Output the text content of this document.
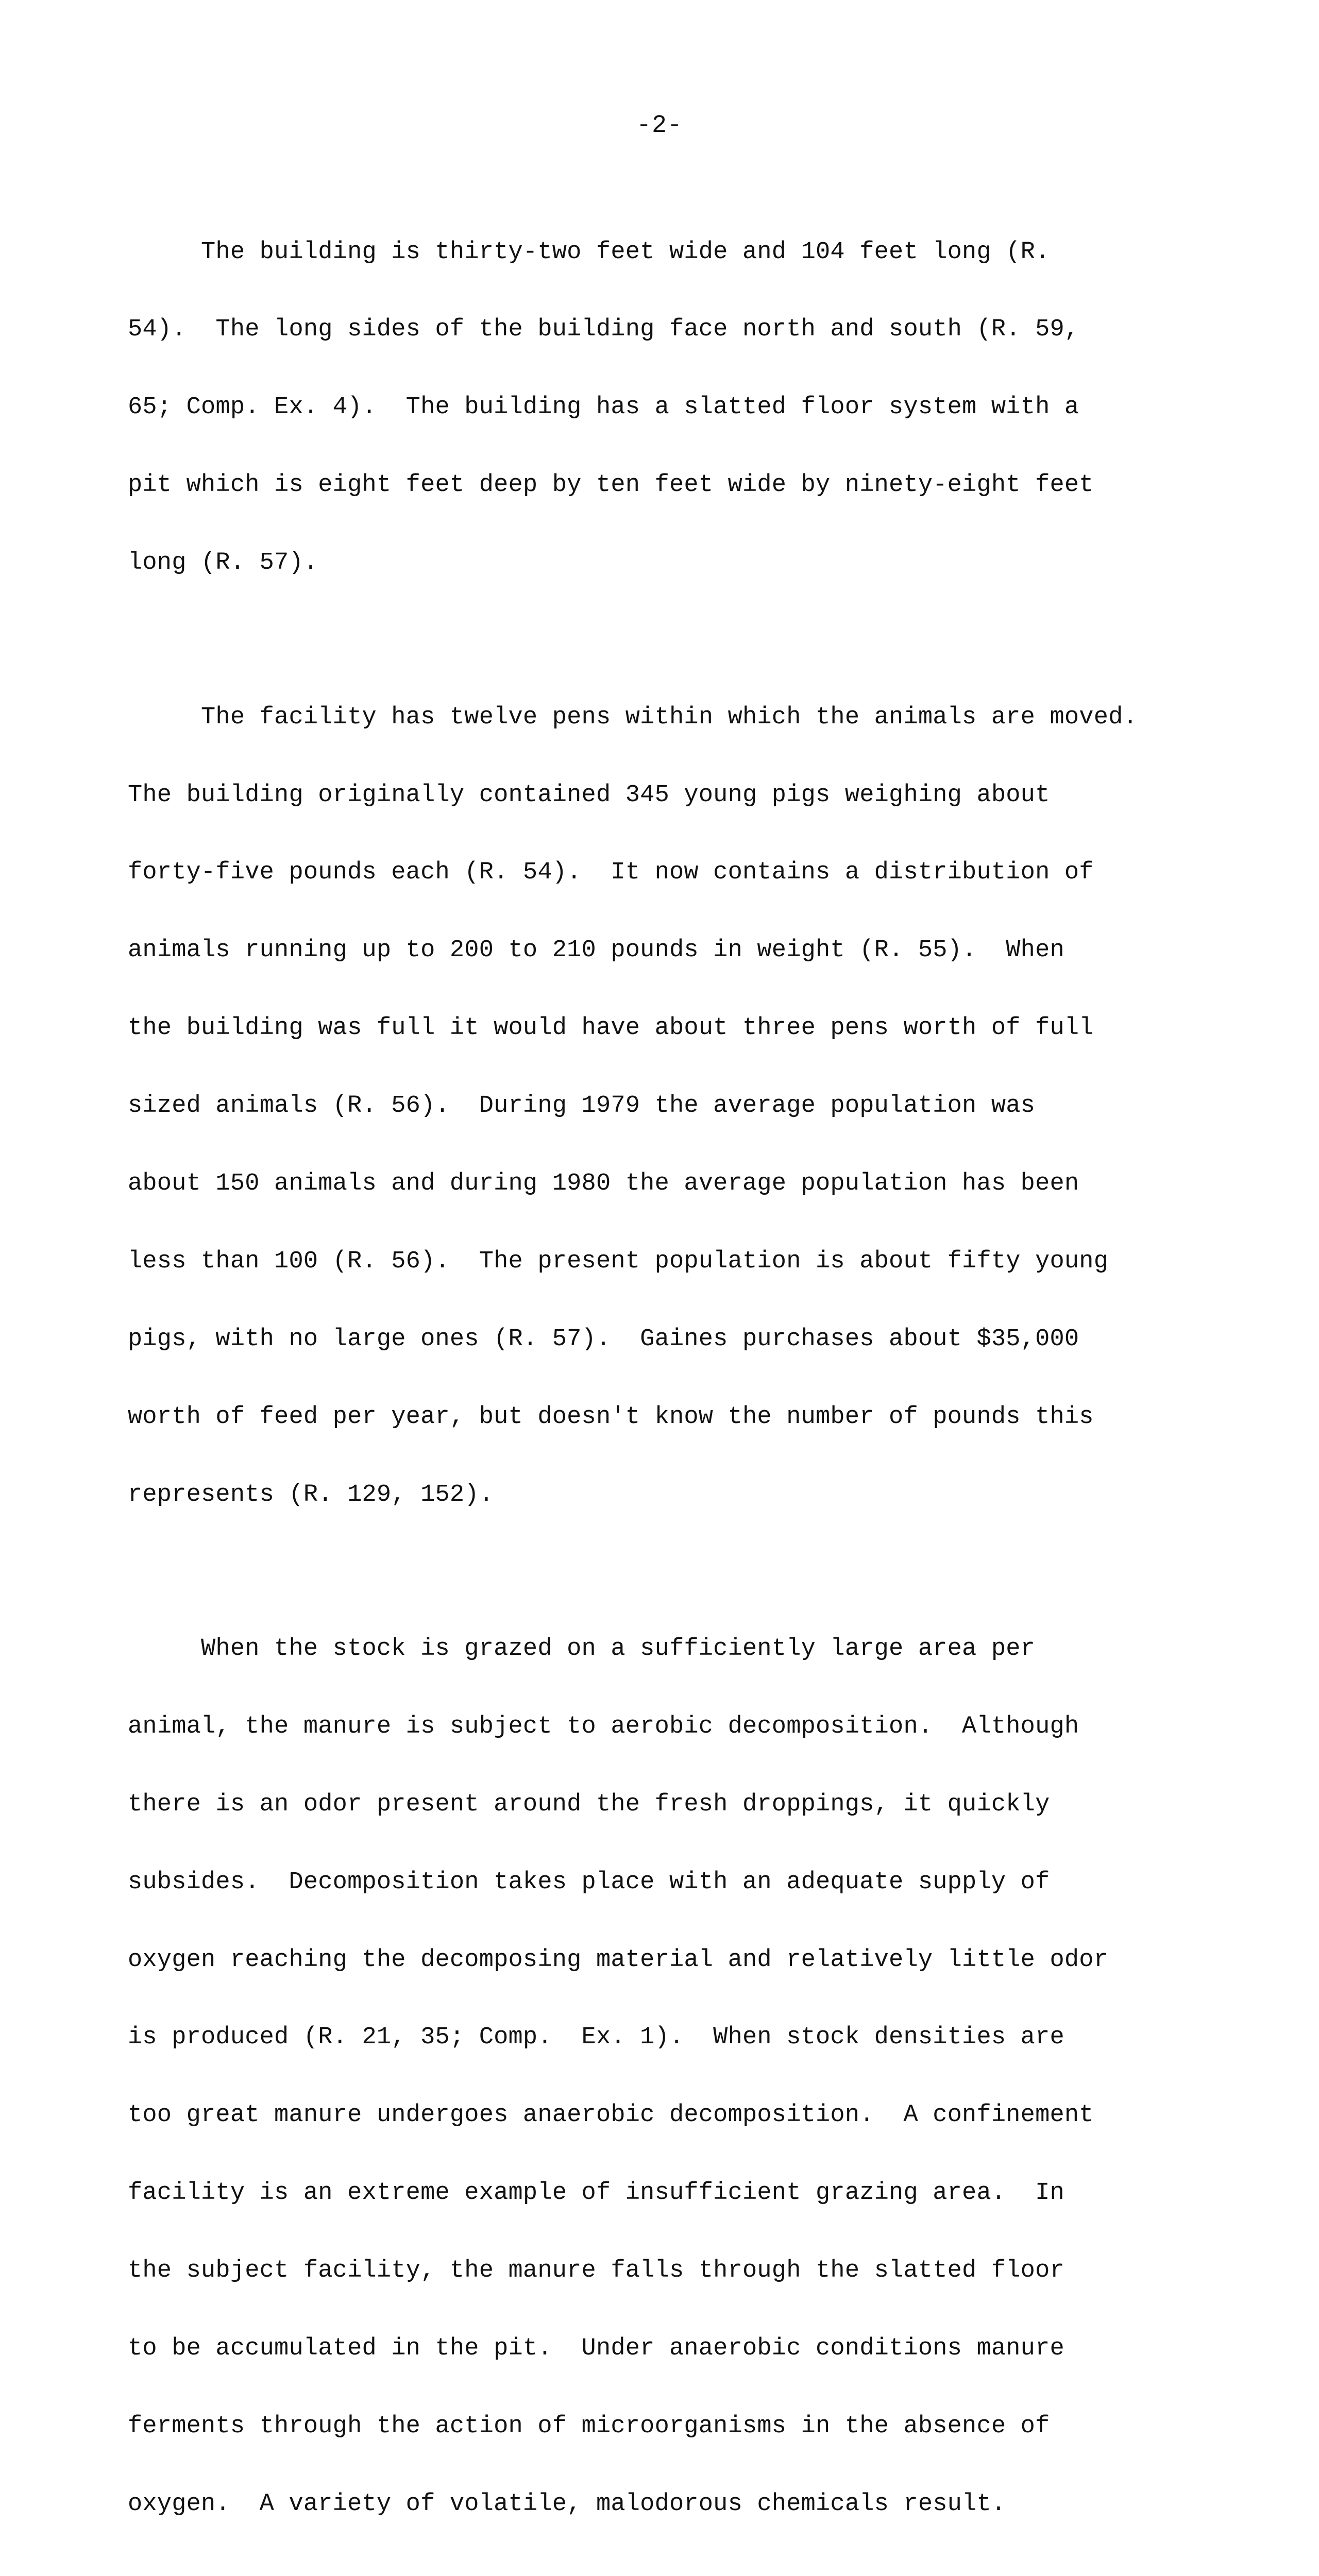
-2-

The building is thirty-two feet wide and 104 feet long (R.

54).  The long sides of the building face north and south (R. 59,

65; Comp. Ex. 4).  The building has a slatted floor system with a

pit which is eight feet deep by ten feet wide by ninety-eight feet

long (R. 57).

The facility has twelve pens within which the animals are moved.

The building originally contained 345 young pigs weighing about

forty-five pounds each (R. 54).  It now contains a distribution of

animals running up to 200 to 210 pounds in weight (R. 55).  When

the building was full it would have about three pens worth of full

sized animals (R. 56).  During 1979 the average population was

about 150 animals and during 1980 the average population has been

less than 100 (R. 56).  The present population is about fifty young

pigs, with no large ones (R. 57).  Gaines purchases about $35,000

worth of feed per year, but doesn't know the number of pounds this

represents (R. 129, 152).

When the stock is grazed on a sufficiently large area per

animal, the manure is subject to aerobic decomposition.  Although

there is an odor present around the fresh droppings, it quickly

subsides.  Decomposition takes place with an adequate supply of

oxygen reaching the decomposing material and relatively little odor

is produced (R. 21, 35; Comp.  Ex. 1).  When stock densities are

too great manure undergoes anaerobic decomposition.  A confinement

facility is an extreme example of insufficient grazing area.  In

the subject facility, the manure falls through the slatted floor

to be accumulated in the pit.  Under anaerobic conditions manure

ferments through the action of microorganisms in the absence of

oxygen.  A variety of volatile, malodorous chemicals result.
